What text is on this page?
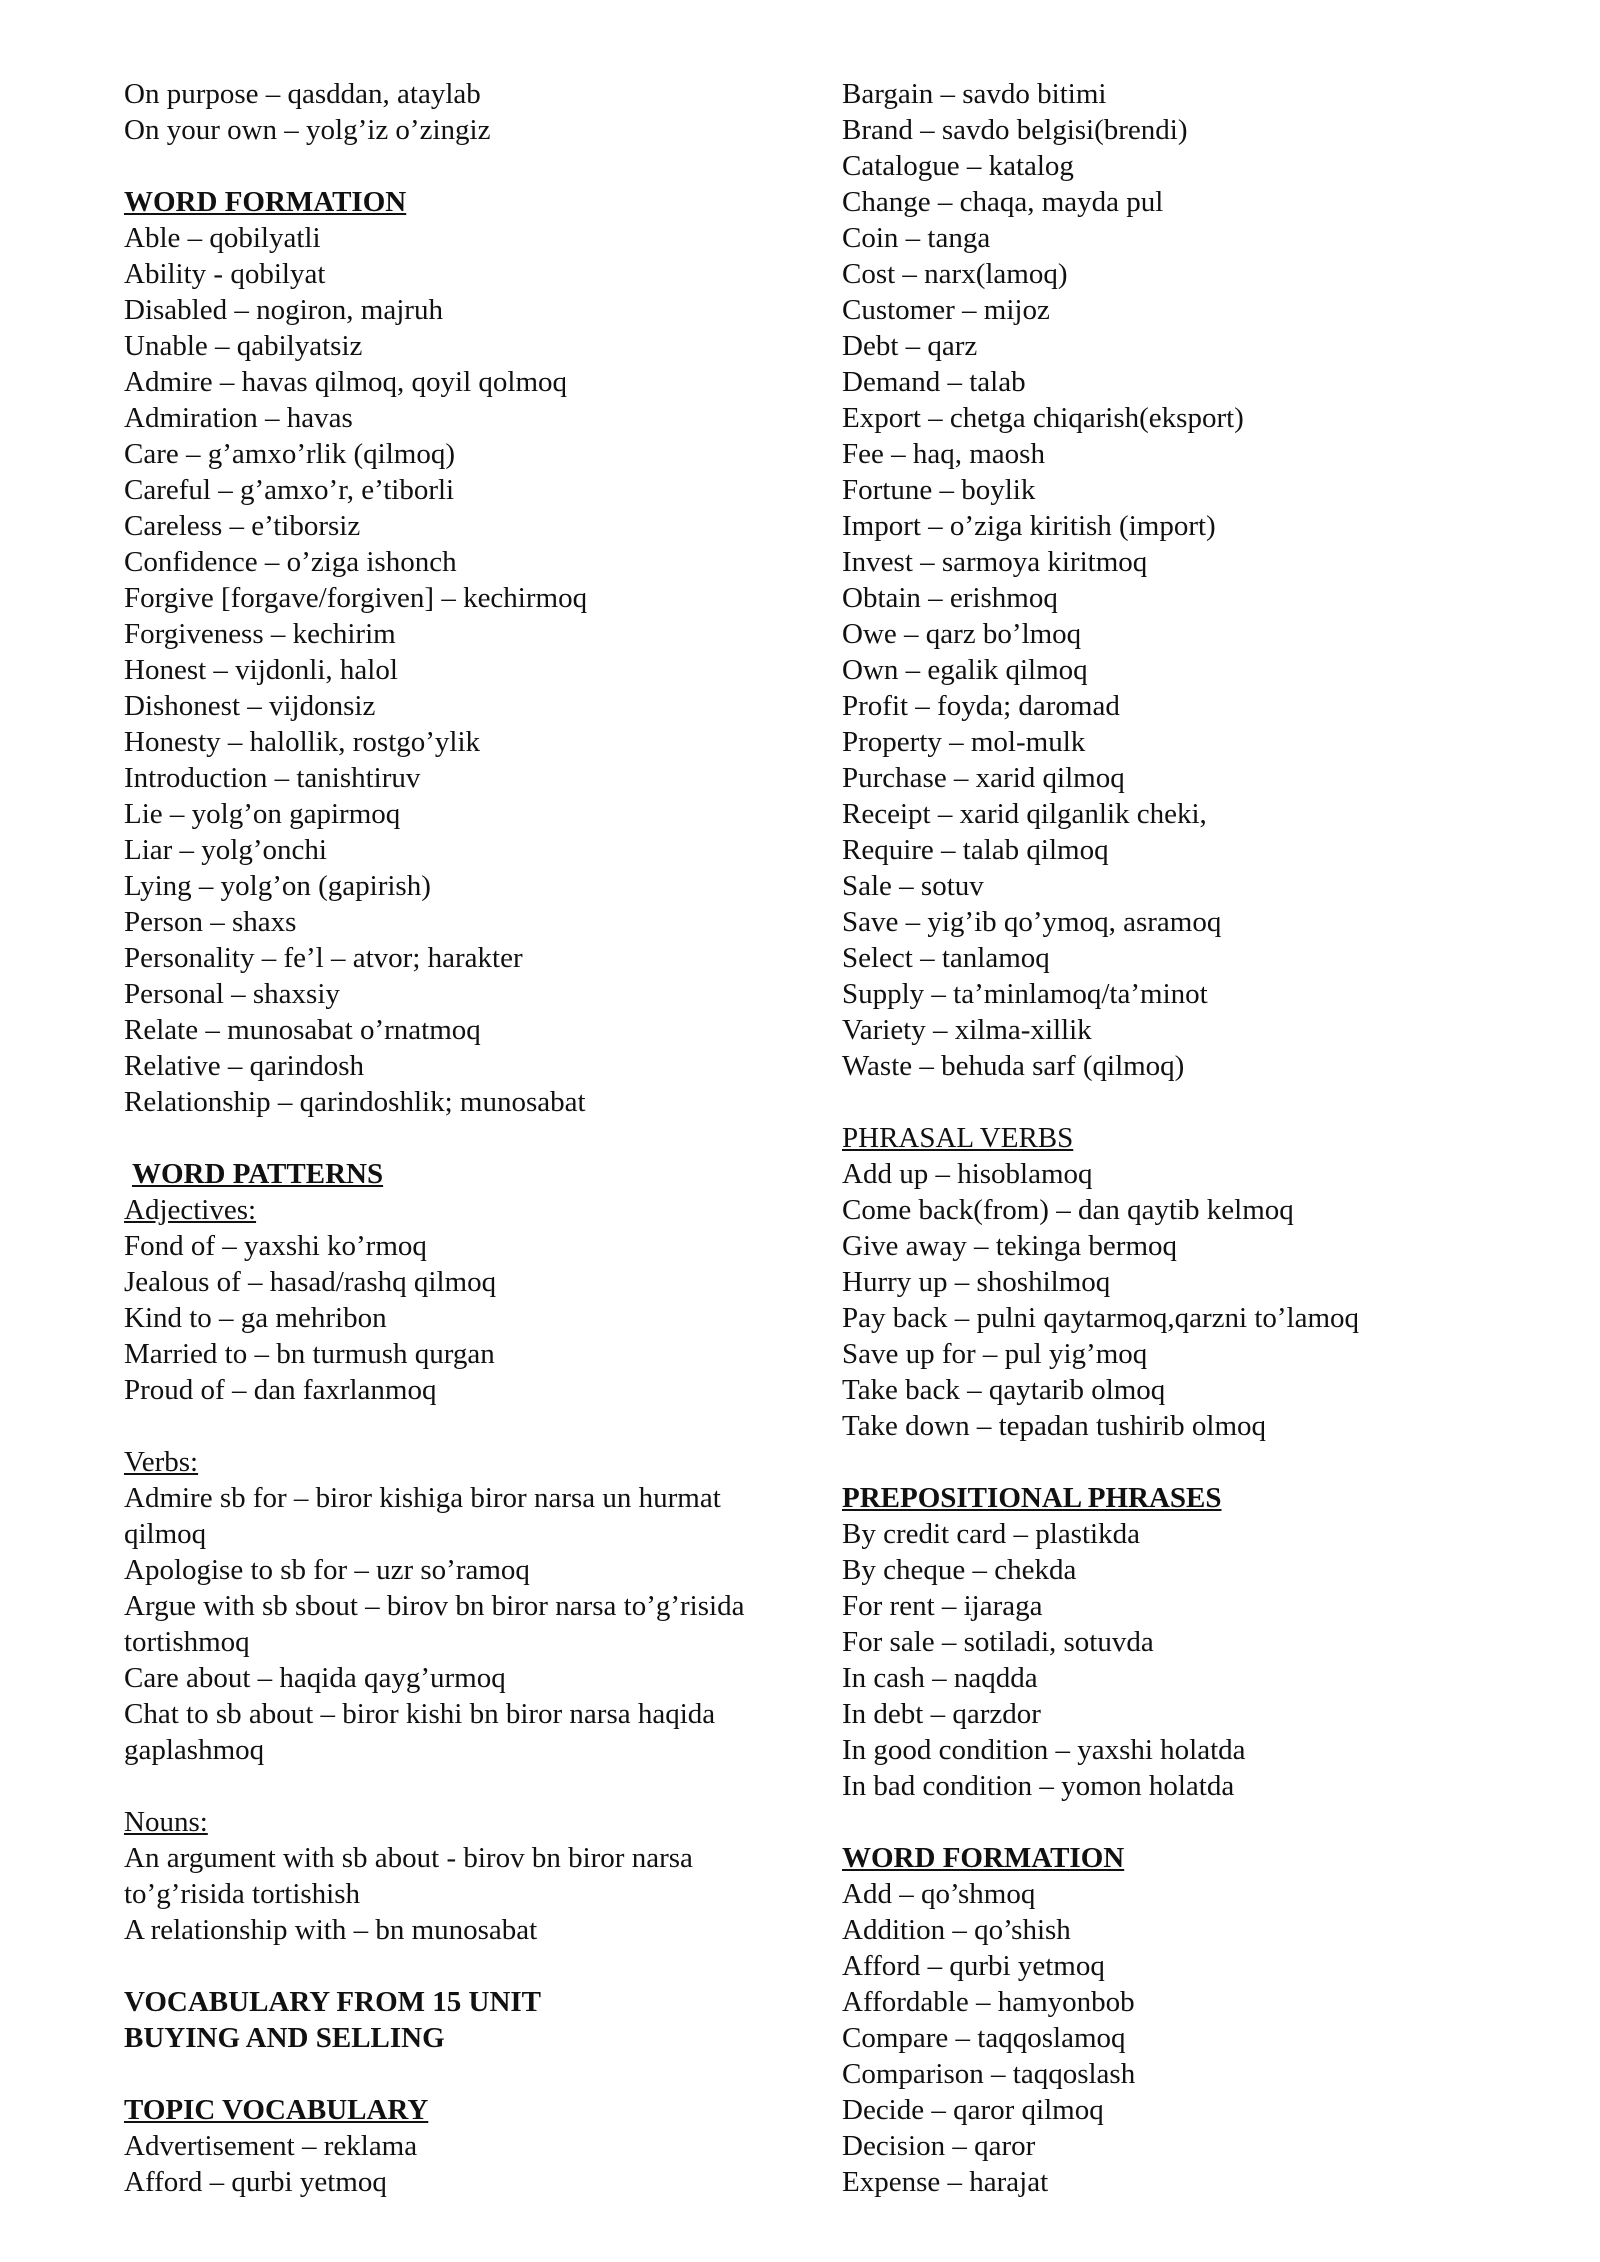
On purpose – qasddan, ataylab
On your own – yolg’iz o’zingiz
WORD FORMATION
Able – qobilyatli
Ability - qobilyat
Disabled – nogiron, majruh
Unable – qabilyatsiz
Admire – havas qilmoq, qoyil qolmoq
Admiration – havas
Care – g’amxo’rlik (qilmoq)
Careful – g’amxo’r, e’tiborli
Careless – e’tiborsiz
Confidence – o’ziga ishonch
Forgive [forgave/forgiven] – kechirmoq
Forgiveness – kechirim
Honest – vijdonli, halol
Dishonest – vijdonsiz
Honesty – halollik, rostgo’ylik
Introduction – tanishtiruv
Lie – yolg’on gapirmoq
Liar – yolg’onchi
Lying – yolg’on (gapirish)
Person – shaxs
Personality – fe’l – atvor; harakter
Personal – shaxsiy
Relate – munosabat o’rnatmoq
Relative – qarindosh
Relationship – qarindoshlik; munosabat
WORD PATTERNS
Adjectives:
Fond of – yaxshi ko’rmoq
Jealous of – hasad/rashq qilmoq
Kind to – ga mehribon
Married to – bn turmush qurgan
Proud of – dan faxrlanmoq
Verbs:
Admire sb for – biror kishiga biror narsa un hurmat qilmoq
Apologise to sb for – uzr so’ramoq
Argue with sb sbout – birov bn biror narsa to’g’risida tortishmoq
Care about – haqida qayg’urmoq
Chat to sb about – biror kishi bn biror narsa haqida gaplashmoq
Nouns:
An argument with sb about - birov bn biror narsa to’g’risida tortishish
A relationship with – bn munosabat
VOCABULARY FROM 15 UNIT
BUYING AND SELLING
TOPIC VOCABULARY
Advertisement – reklama
Afford – qurbi yetmoq
Bargain – savdo bitimi
Brand – savdo belgisi(brendi)
Catalogue – katalog
Change – chaqa, mayda pul
Coin – tanga
Cost – narx(lamoq)
Customer – mijoz
Debt – qarz
Demand – talab
Export – chetga chiqarish(eksport)
Fee – haq, maosh
Fortune – boylik
Import – o’ziga kiritish (import)
Invest – sarmoya kiritmoq
Obtain – erishmoq
Owe – qarz bo’lmoq
Own – egalik qilmoq
Profit – foyda; daromad
Property – mol-mulk
Purchase – xarid qilmoq
Receipt – xarid qilganlik cheki,
Require – talab qilmoq
Sale – sotuv
Save – yig’ib qo’ymoq, asramoq
Select – tanlamoq
Supply – ta’minlamoq/ta’minot
Variety – xilma-xillik
Waste – behuda sarf (qilmoq)
PHRASAL VERBS
Add up – hisoblamoq
Come back(from) – dan qaytib kelmoq
Give away – tekinga bermoq
Hurry up – shoshilmoq
Pay back – pulni qaytarmoq,qarzni to’lamoq
Save up for – pul yig’moq
Take back – qaytarib olmoq
Take down – tepadan tushirib olmoq
PREPOSITIONAL PHRASES
By credit card – plastikda
By cheque – chekda
For rent – ijaraga
For sale – sotiladi, sotuvda
In cash – naqdda
In debt – qarzdor
In good condition – yaxshi holatda
In bad condition – yomon holatda
WORD FORMATION
Add – qo’shmoq
Addition – qo’shish
Afford – qurbi yetmoq
Affordable – hamyonbob
Compare – taqqoslamoq
Comparison – taqqoslash
Decide – qaror qilmoq
Decision – qaror
Expense – harajat
